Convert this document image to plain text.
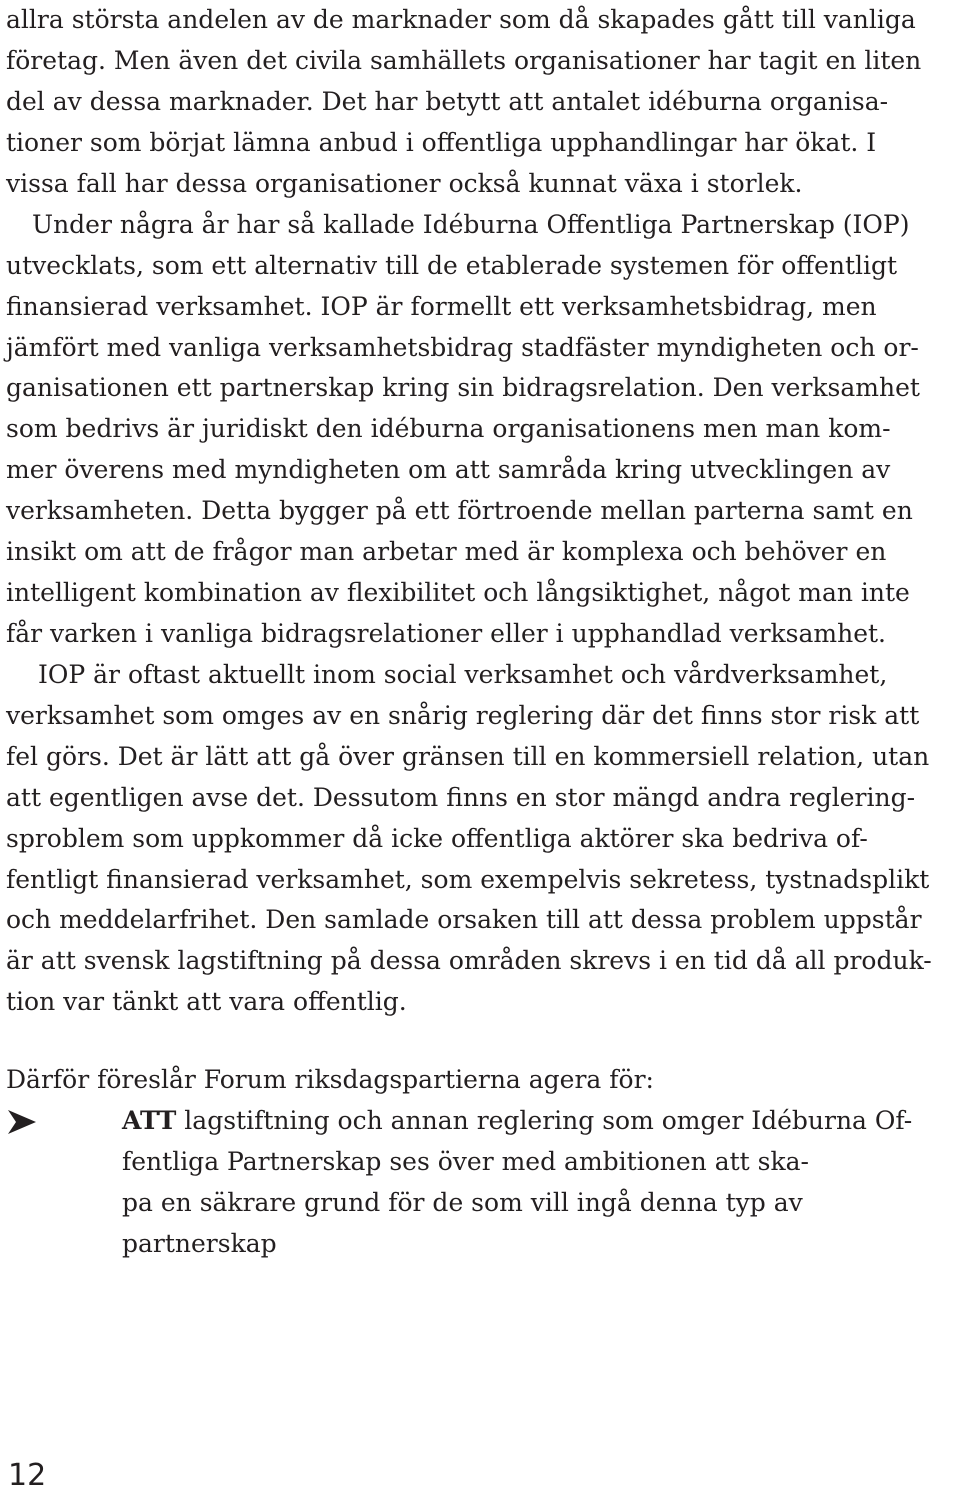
allra största andelen av de marknader som då skapades gått till vanliga
företag. Men även det civila samhällets organisationer har tagit en liten
del av dessa marknader. Det har betytt att antalet idéburna organisa-
tioner som börjat lämna anbud i offentliga upphandlingar har ökat. I
vissa fall har dessa organisationer också kunnat växa i storlek.
Under några år har så kallade Idéburna Offentliga Partnerskap (IOP)
utvecklats, som ett alternativ till de etablerade systemen för offentligt
finansierad verksamhet. IOP är formellt ett verksamhetsbidrag, men
jämfört med vanliga verksamhetsbidrag stadfäster myndigheten och or-
ganisationen ett partnerskap kring sin bidragsrelation. Den verksamhet
som bedrivs är juridiskt den idéburna organisationens men man kom-
mer överens med myndigheten om att samråda kring utvecklingen av
verksamheten. Detta bygger på ett förtroende mellan parterna samt en
insikt om att de frågor man arbetar med är komplexa och behöver en
intelligent kombination av flexibilitet och långsiktighet, något man inte
får varken i vanliga bidragsrelationer eller i upphandlad verksamhet.
IOP är oftast aktuellt inom social verksamhet och vårdverksamhet,
verksamhet som omges av en snårig reglering där det finns stor risk att
fel görs. Det är lätt att gå över gränsen till en kommersiell relation, utan
att egentligen avse det. Dessutom finns en stor mängd andra reglering-
sproblem som uppkommer då icke offentliga aktörer ska bedriva of-
fentligt finansierad verksamhet, som exempelvis sekretess, tystnadsplikt
och meddelarfrihet. Den samlade orsaken till att dessa problem uppstår
är att svensk lagstiftning på dessa områden skrevs i en tid då all produk-
tion var tänkt att vara offentlig.
Därför föreslår Forum riksdagspartierna agera för:
ATT lagstiftning och annan reglering som omger Idéburna Of-
fentliga Partnerskap ses över med ambitionen att ska-
pa en säkrare grund för de som vill ingå denna typ av
partnerskap
12
